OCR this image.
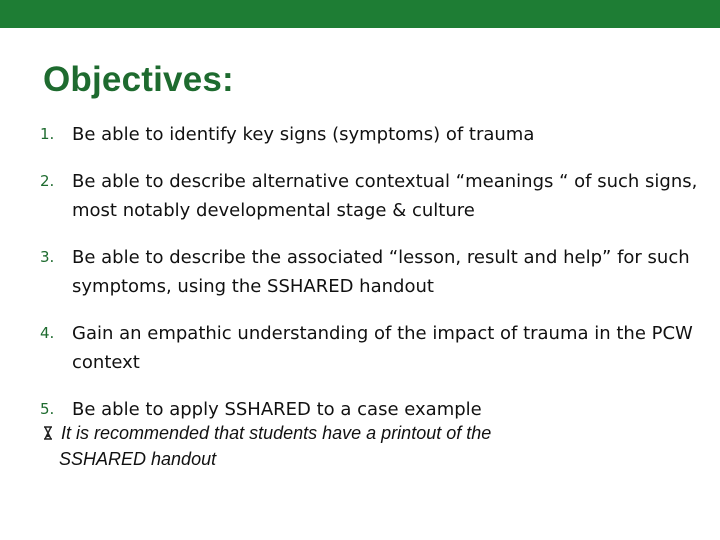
Objectives:
1. Be able to identify key signs (symptoms) of trauma
2. Be able to describe alternative contextual “meanings “ of such signs, most notably developmental stage & culture
3. Be able to describe the associated “lesson, result and help” for such symptoms, using the SSHARED handout
4. Gain an empathic understanding of the impact of trauma in the PCW context
5. Be able to apply SSHARED to a case example
It is recommended that students have a printout of the
SSHARED handout
